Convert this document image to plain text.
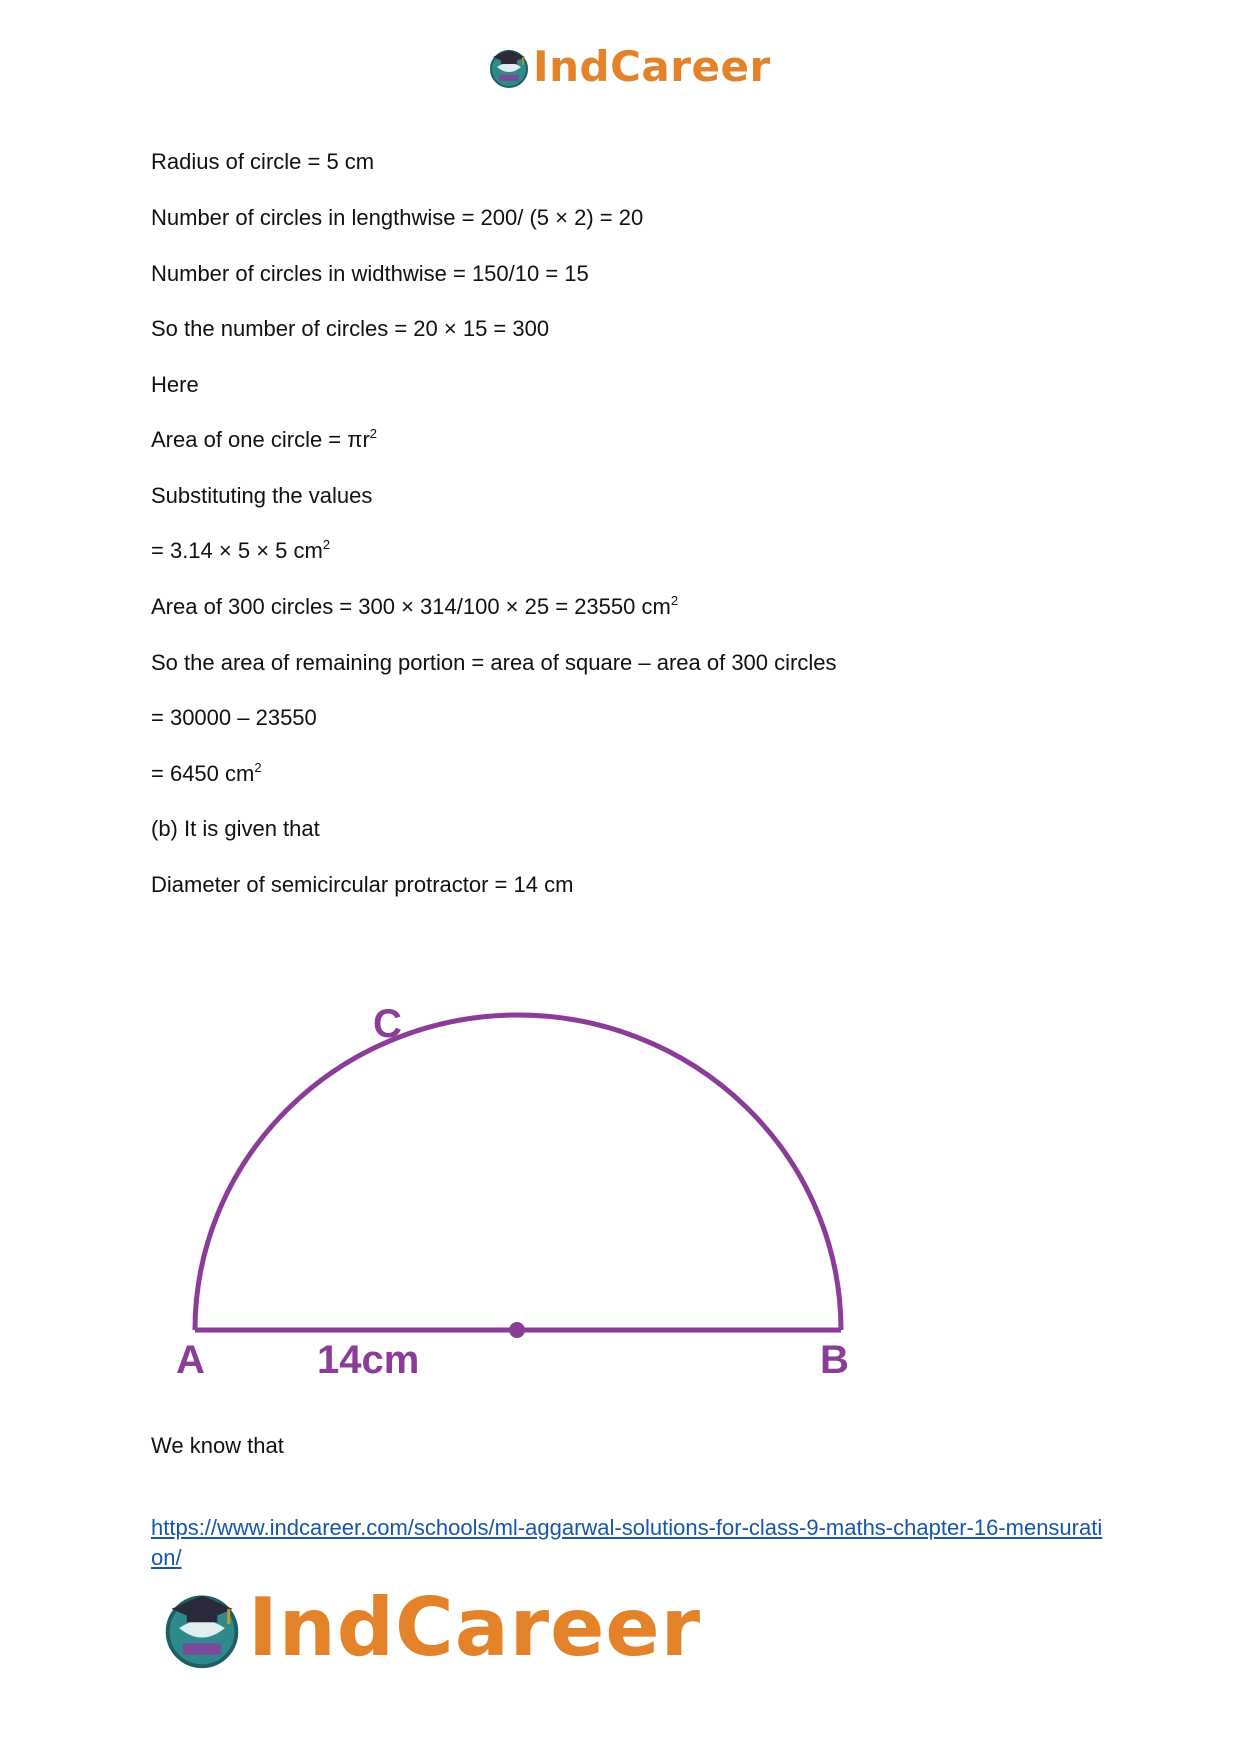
IndCareer
Radius of circle = 5 cm
Number of circles in lengthwise = 200/ (5 × 2) = 20
Number of circles in widthwise = 150/10 = 15
So the number of circles = 20 × 15 = 300
Here
Area of one circle = $\pi r^2$
Substituting the values
= 3.14 × 5 × 5 $cm^2$
Area of 300 circles = 300 × 314/100 × 25 = 23550 $cm^2$
So the area of remaining portion = area of square – area of 300 circles
= 30000 – 23550
= 6450 $cm^2$
(b) It is given that
Diameter of semicircular protractor = 14 cm
C
A	B
14cm
We know that
https://www.indcareer.com/schools/ml-aggarwal-solutions-for-class-9-maths-chapter-16-mensuration/
IndCareer
